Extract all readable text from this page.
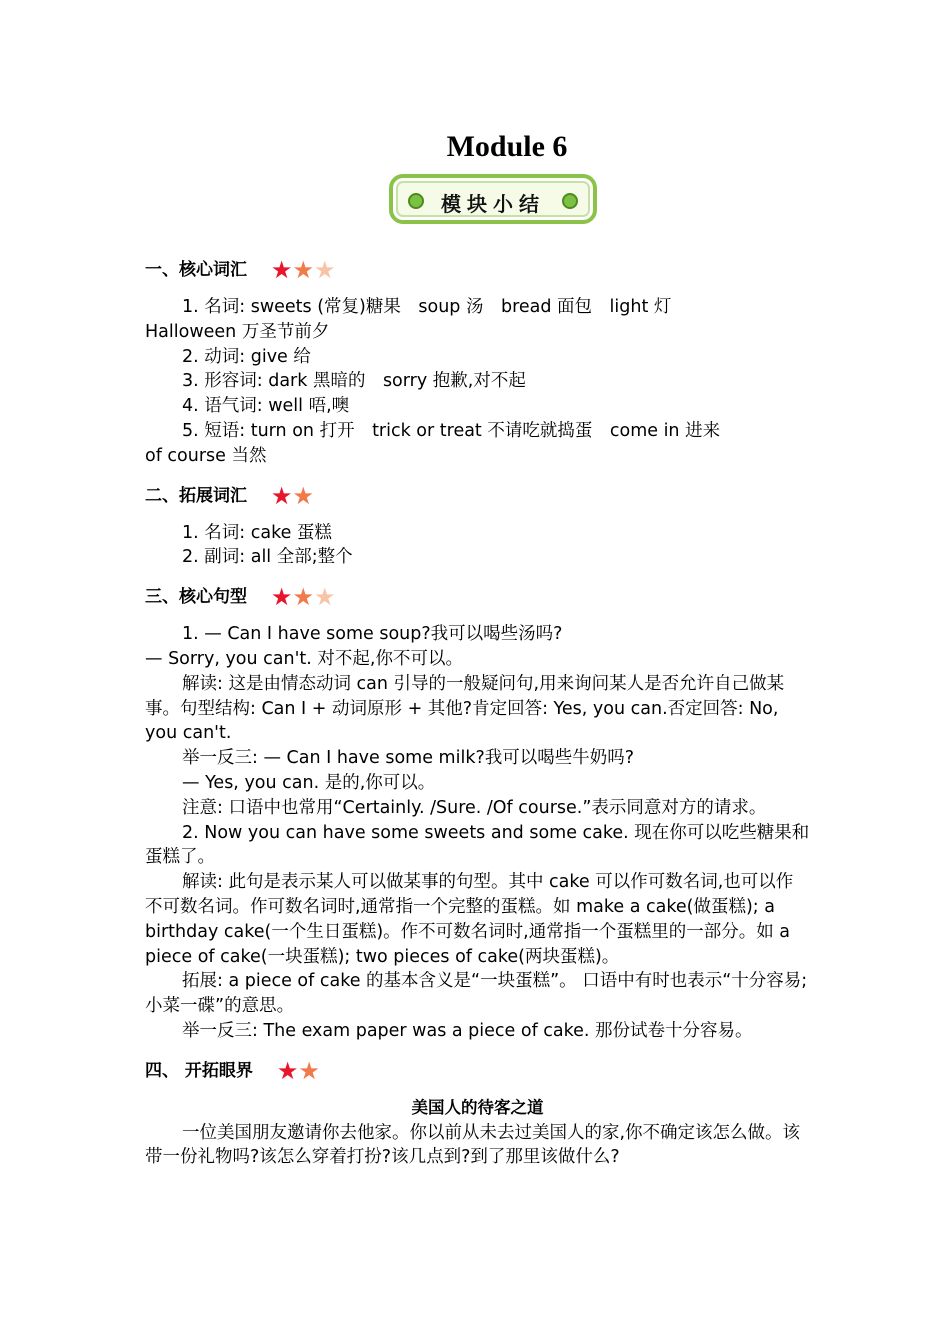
Module 6
模块小结

一、核心词汇 ★★★

1. 名词: sweets (常复)糖果　soup 汤　bread 面包　light 灯

Halloween 万圣节前夕

2. 动词: give 给

3. 形容词: dark 黑暗的　sorry 抱歉,对不起

4. 语气词: well 唔,噢

5. 短语: turn on 打开　trick or treat 不请吃就捣蛋　come in 进来

of course 当然

二、拓展词汇 ★★

1. 名词: cake 蛋糕

2. 副词: all 全部;整个

三、核心句型 ★★★

1. — Can I have some soup?我可以喝些汤吗?

— Sorry, you can't. 对不起,你不可以。

解读: 这是由情态动词 can 引导的一般疑问句,用来询问某人是否允许自己做某事。句型结构: Can I + 动词原形 + 其他?肯定回答: Yes, you can.否定回答: No, you can't.

举一反三: — Can I have some milk?我可以喝些牛奶吗?

— Yes, you can. 是的,你可以。

注意: 口语中也常用“Certainly. /Sure. /Of course.”表示同意对方的请求。

2. Now you can have some sweets and some cake. 现在你可以吃些糖果和蛋糕了。

解读: 此句是表示某人可以做某事的句型。其中 cake 可以作可数名词,也可以作不可数名词。作可数名词时,通常指一个完整的蛋糕。如 make a cake(做蛋糕); a birthday cake(一个生日蛋糕)。作不可数名词时,通常指一个蛋糕里的一部分。如 a piece of cake(一块蛋糕); two pieces of cake(两块蛋糕)。

拓展: a piece of cake 的基本含义是“一块蛋糕”。 口语中有时也表示“十分容易;小菜一碟”的意思。

举一反三: The exam paper was a piece of cake. 那份试卷十分容易。

四、 开拓眼界 ★★

美国人的待客之道

一位美国朋友邀请你去他家。你以前从未去过美国人的家,你不确定该怎么做。该带一份礼物吗?该怎么穿着打扮?该几点到?到了那里该做什么?
